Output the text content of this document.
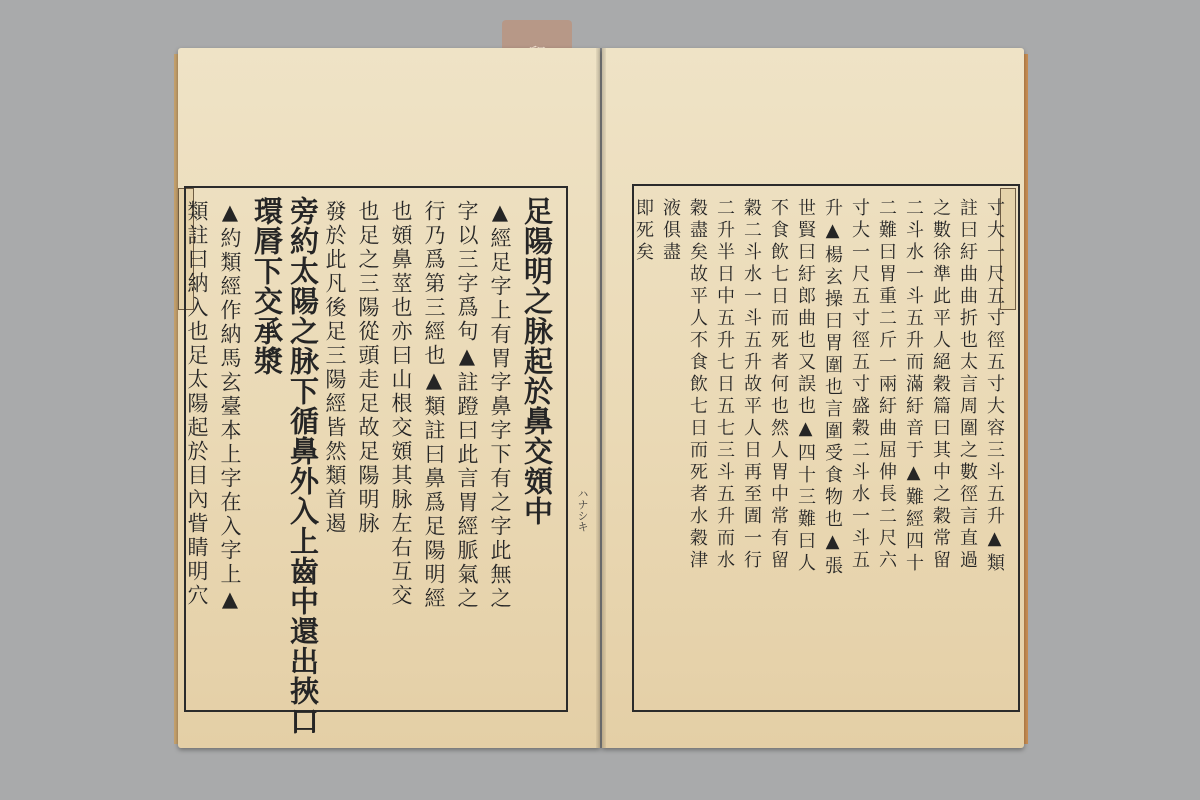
足陽明之脉起於鼻交頞中
▲經足字上有胃字鼻字下有之字此無之
字以三字爲句▲註蹬曰此言胃經脈氣之
行乃爲第三經也▲類註曰鼻爲足陽明經
也頞鼻莖也亦曰山根交頞其脉左右互交
也足之三陽從頭走足故足陽明脉
發於此凡後足三陽經皆然類首遏
旁約太陽之脉下循鼻外入上齒中還出挾口
環脣下交承漿
▲約類經作納馬玄臺本上字在入字上▲
類註曰納入也足太陽起於目內眥睛明穴	ハナシキ	寸大一尺五寸徑五寸大容三斗五升▲類
註曰紆曲曲折也太言周圍之數徑言直過
之數徐準此平人絕穀篇曰其中之穀常留
二斗水一斗五升而滿紆音于▲難經四十
二難曰胃重二斤一兩紆曲屈伸長二尺六
寸大一尺五寸徑五寸盛穀二斗水一斗五
升▲楊玄操曰胃圍也言圍受食物也▲張
世賢曰紆郎曲也又誤也▲四十三難曰人
不食飲七日而死者何也然人胃中常有留
穀二斗水一斗五升故平人日再至圊一行
二升半日中五升七日五七三斗五升而水
穀盡矣故平人不食飲七日而死者水穀津
液俱盡
即死矣
